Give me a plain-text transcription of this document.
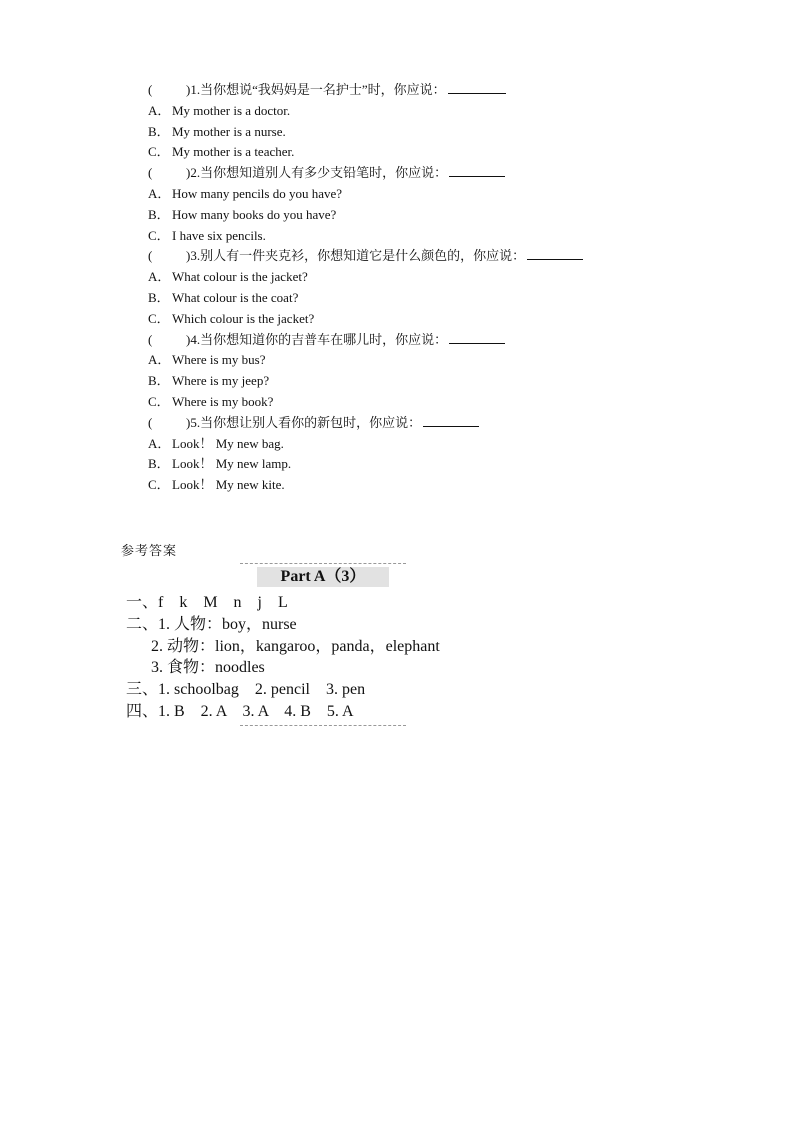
(	)1.当你想说“我妈妈是一名护士”时，你应说：
A． My mother is a doctor.
B． My mother is a nurse.
C． My mother is a teacher.
(	)2.当你想知道别人有多少支铅笔时，你应说：
A． How many pencils do you have?
B． How many books do you have?
C． I have six pencils.
(	)3.别人有一件夹克衫，你想知道它是什么颜色的，你应说：
A． What colour is the jacket?
B． What colour is the coat?
C． Which colour is the jacket?
(	)4.当你想知道你的吉普车在哪儿时，你应说：
A． Where is my bus?
B． Where is my jeep?
C． Where is my book?
(	)5.当你想让别人看你的新包时，你应说：
A． Look！ My new bag.
B． Look！ My new lamp.
C． Look！ My new kite.
参考答案
Part A（3）
一、f　k　M　n　j　L
二、1. 人物：boy，nurse
2. 动物：lion，kangaroo，panda，elephant
3. 食物：noodles
三、1. schoolbag　2. pencil　3. pen
四、1. B　2. A　3. A　4. B　5. A
